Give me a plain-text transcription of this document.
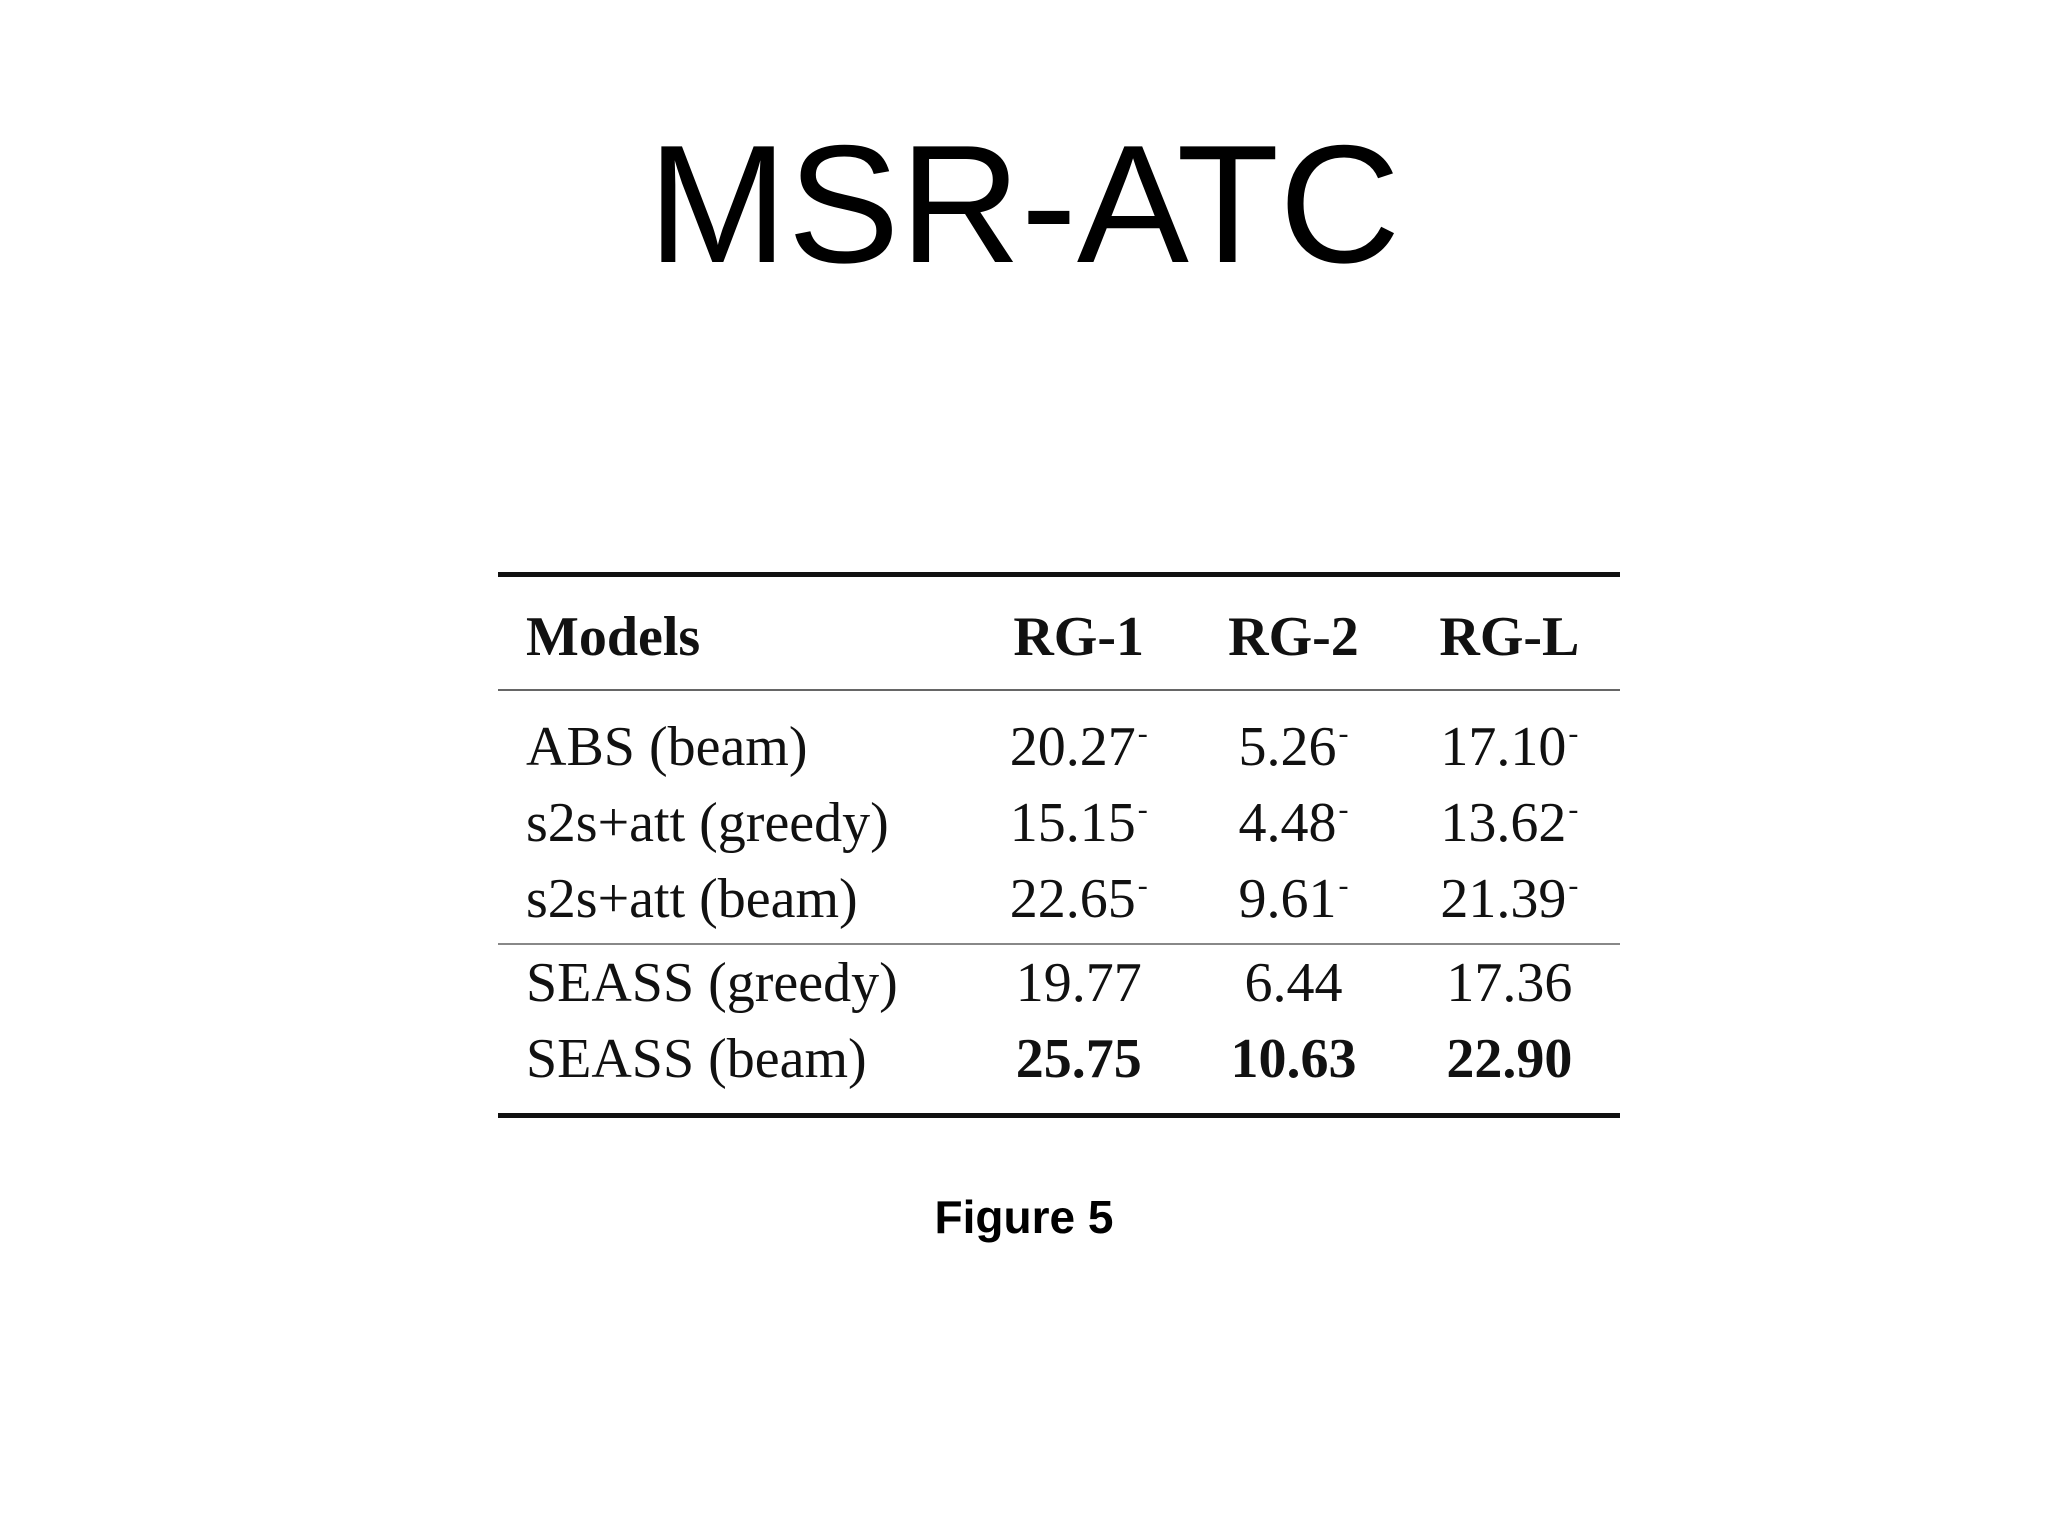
MSR-ATC
Models	RG-1	RG-2	RG-L
ABS (beam)	20.27-	5.26-	17.10-
s2s+att (greedy)	15.15-	4.48-	13.62-
s2s+att (beam)	22.65-	9.61-	21.39-
SEASS (greedy)	19.77	6.44	17.36
SEASS (beam)	25.75	10.63	22.90
Figure 5
